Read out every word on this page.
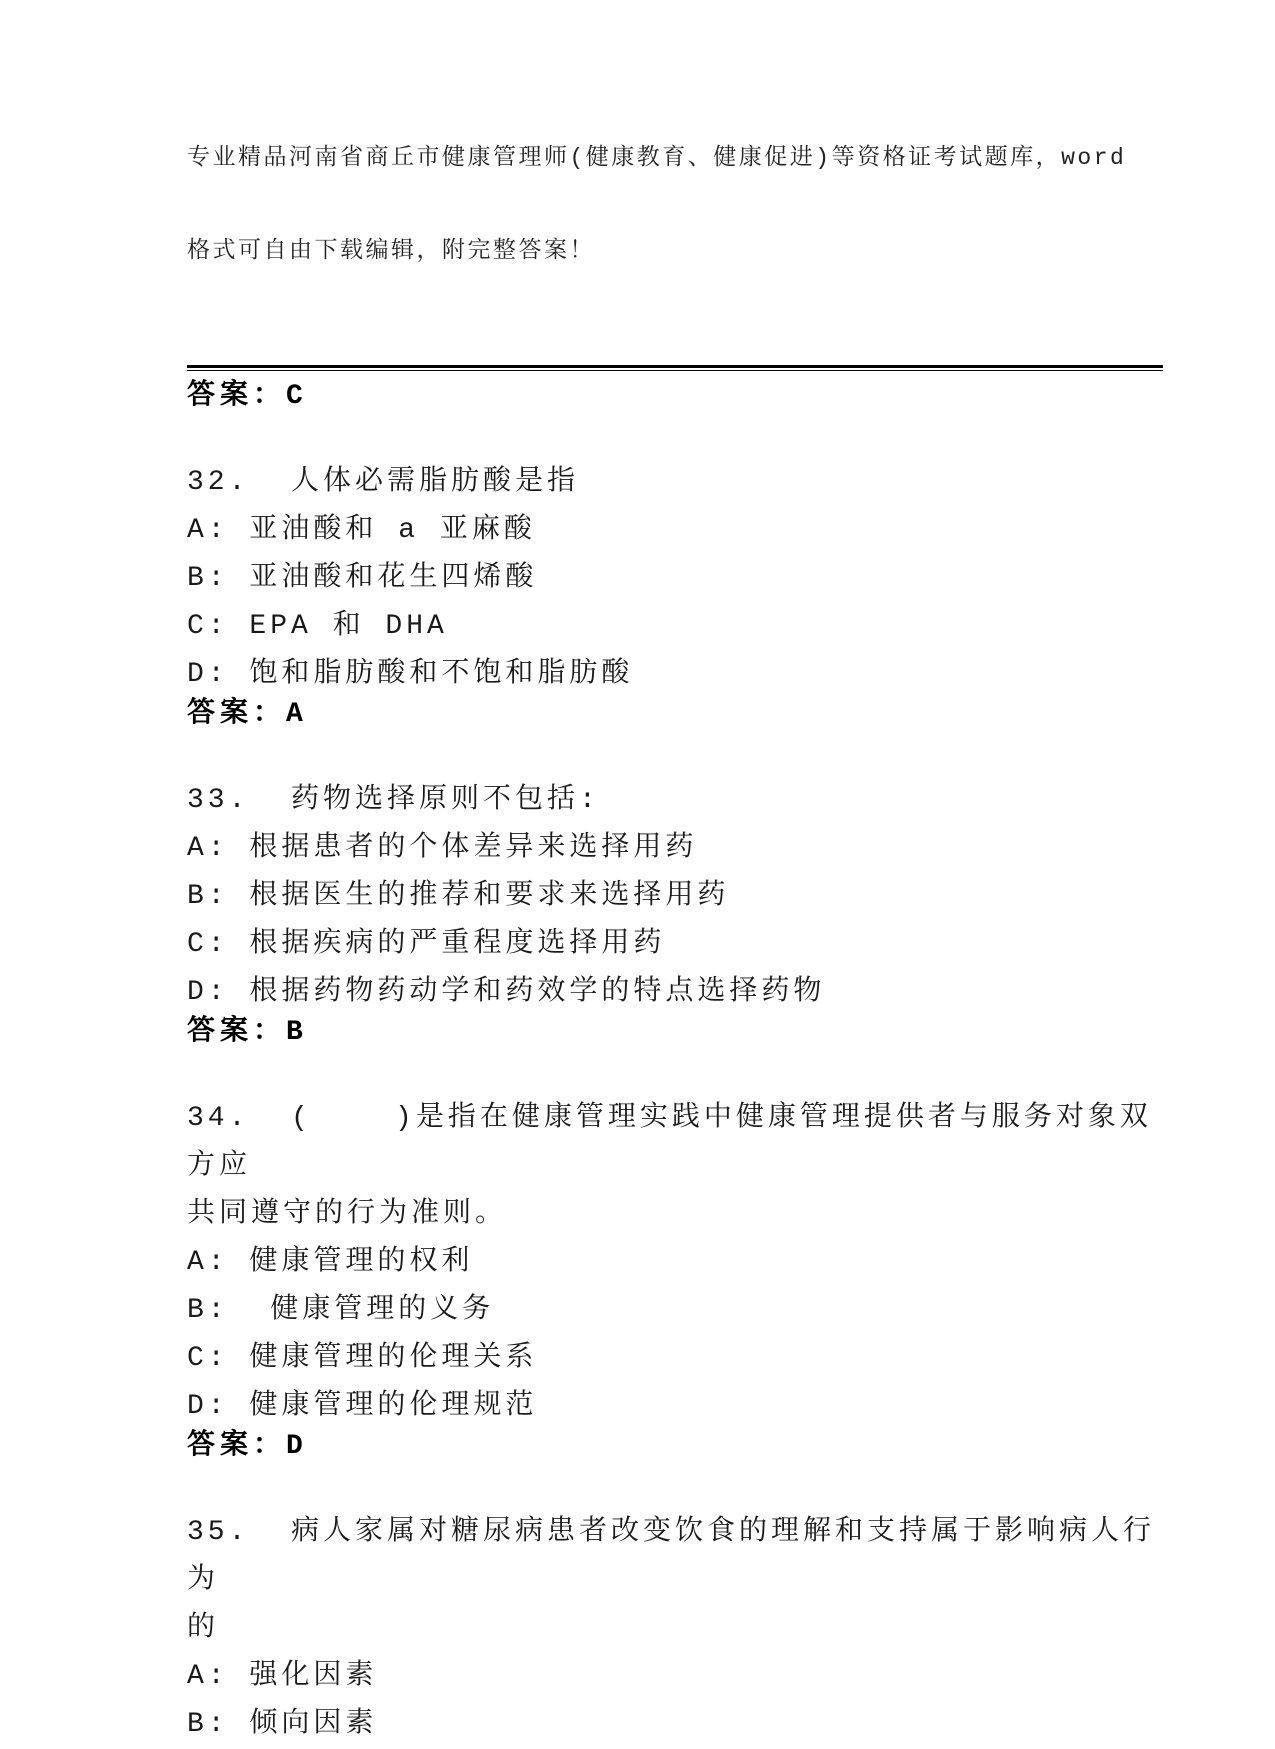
专业精品河南省商丘市健康管理师(健康教育、健康促进)等资格证考试题库，word

格式可自由下载编辑，附完整答案！

答案：C
32.  人体必需脂肪酸是指
A: 亚油酸和 a 亚麻酸
B: 亚油酸和花生四烯酸
C: EPA 和 DHA
D: 饱和脂肪酸和不饱和脂肪酸
答案：A
33.  药物选择原则不包括:
A: 根据患者的个体差异来选择用药
B: 根据医生的推荐和要求来选择用药
C: 根据疾病的严重程度选择用药
D: 根据药物药动学和药效学的特点选择药物
答案：B
34.  (    )是指在健康管理实践中健康管理提供者与服务对象双方应
共同遵守的行为准则。
A: 健康管理的权利
B:  健康管理的义务
C: 健康管理的伦理关系
D: 健康管理的伦理规范
答案：D
35.  病人家属对糖尿病患者改变饮食的理解和支持属于影响病人行为
的
A: 强化因素
B: 倾向因素
